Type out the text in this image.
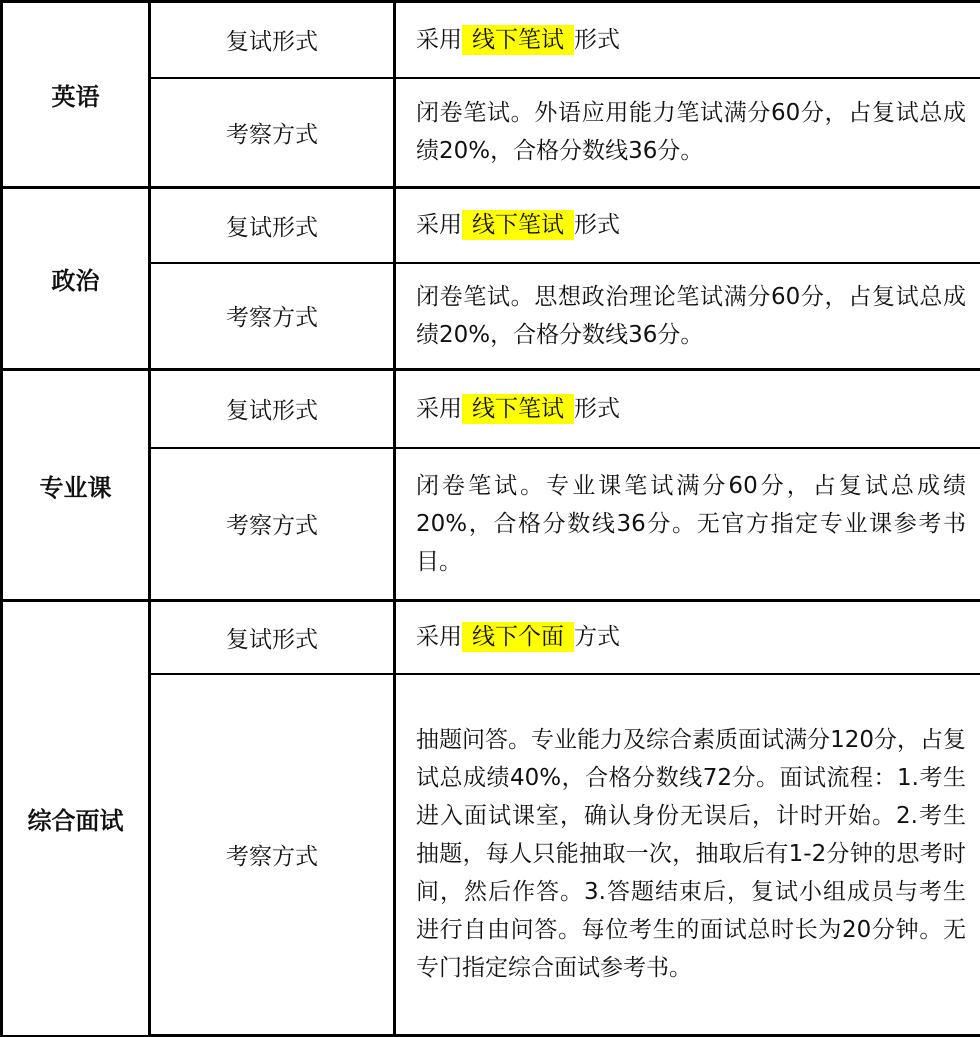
英语	复试形式	采用 线下笔试 形式
	考察方式	闭卷笔试。外语应用能力笔试满分60分，占复试总成绩20%，合格分数线36分。
政治	复试形式	采用 线下笔试 形式
	考察方式	闭卷笔试。思想政治理论笔试满分60分，占复试总成绩20%，合格分数线36分。
专业课	复试形式	采用 线下笔试 形式
	考察方式	闭卷笔试。专业课笔试满分60分，占复试总成绩20%，合格分数线36分。无官方指定专业课参考书目。
综合面试	复试形式	采用 线下个面 方式
	考察方式	抽题问答。专业能力及综合素质面试满分120分，占复试总成绩40%，合格分数线72分。面试流程：1.考生进入面试课室，确认身份无误后，计时开始。2.考生抽题，每人只能抽取一次，抽取后有1-2分钟的思考时间，然后作答。3.答题结束后，复试小组成员与考生进行自由问答。每位考生的面试总时长为20分钟。无专门指定综合面试参考书。
